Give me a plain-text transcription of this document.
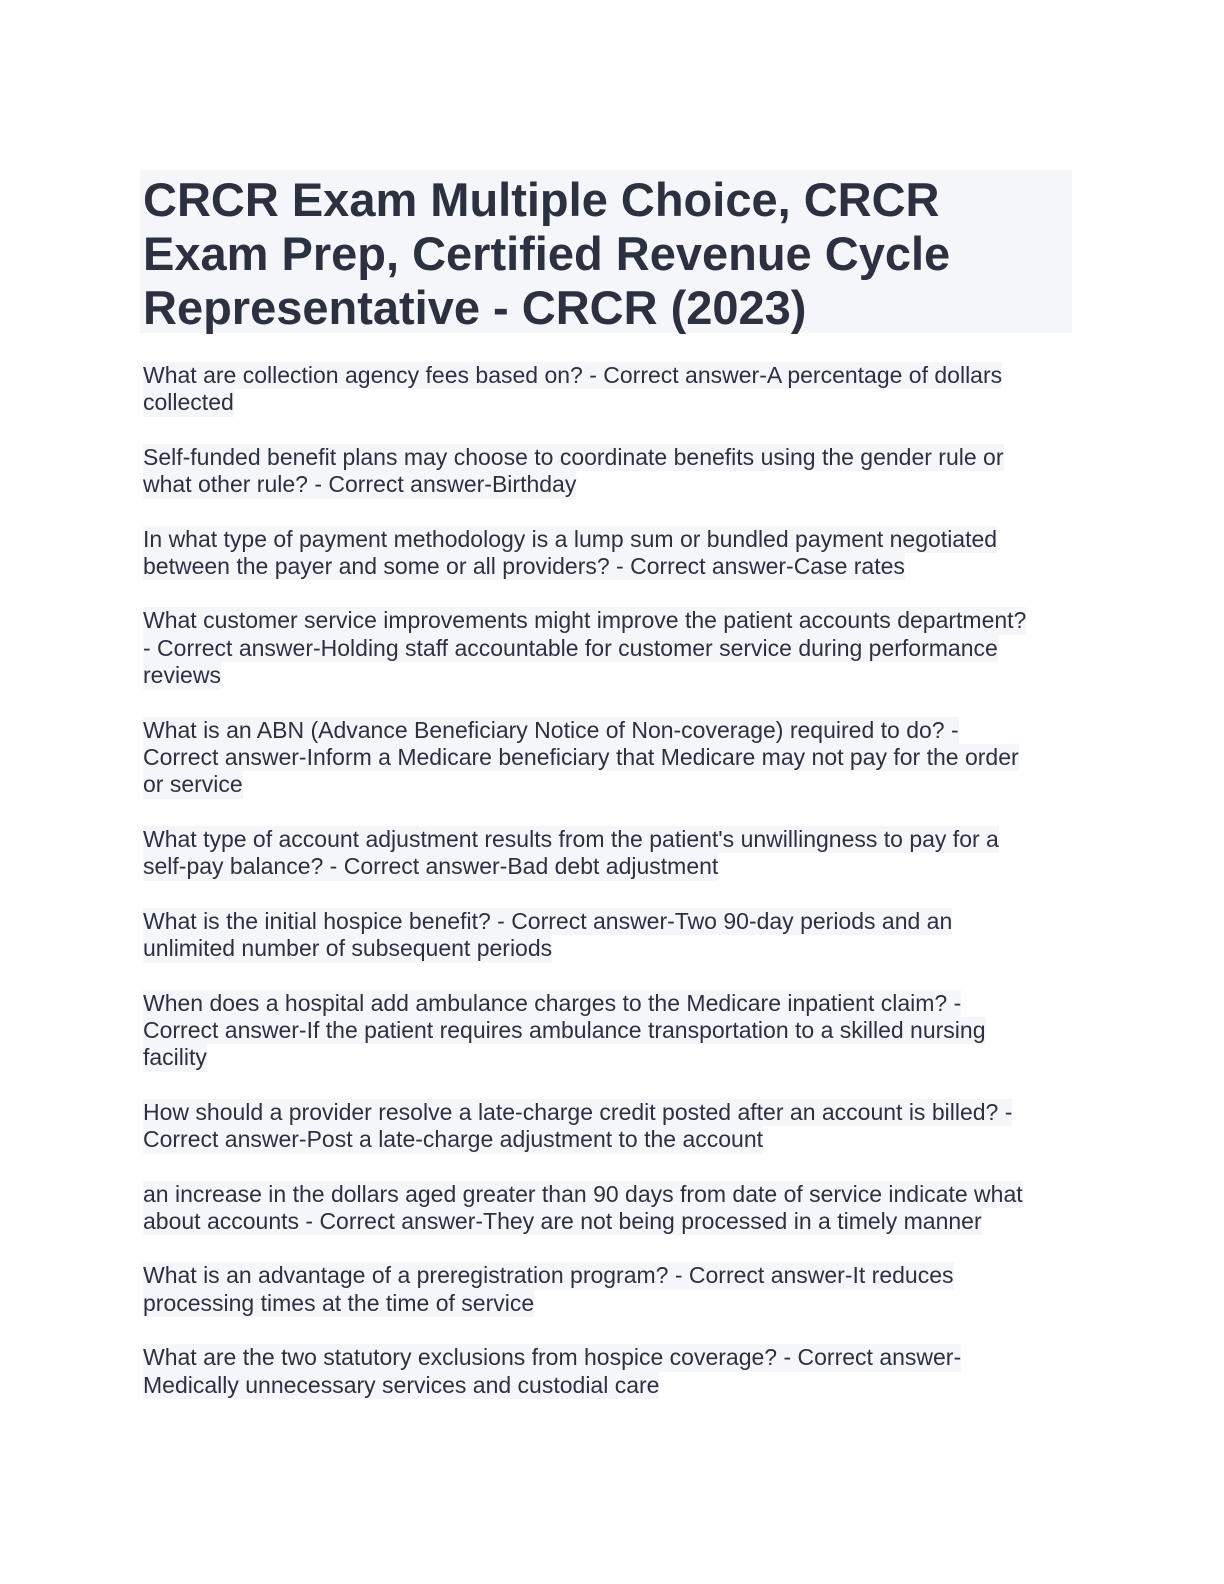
CRCR Exam Multiple Choice, CRCR
Exam Prep, Certified Revenue Cycle
Representative - CRCR (2023)
What are collection agency fees based on? - Correct answer-A percentage of dollars
collected
Self-funded benefit plans may choose to coordinate benefits using the gender rule or
what other rule? - Correct answer-Birthday
In what type of payment methodology is a lump sum or bundled payment negotiated
between the payer and some or all providers? - Correct answer-Case rates
What customer service improvements might improve the patient accounts department?
- Correct answer-Holding staff accountable for customer service during performance
reviews
What is an ABN (Advance Beneficiary Notice of Non-coverage) required to do? -
Correct answer-Inform a Medicare beneficiary that Medicare may not pay for the order
or service
What type of account adjustment results from the patient's unwillingness to pay for a
self-pay balance? - Correct answer-Bad debt adjustment
What is the initial hospice benefit? - Correct answer-Two 90-day periods and an
unlimited number of subsequent periods
When does a hospital add ambulance charges to the Medicare inpatient claim? -
Correct answer-If the patient requires ambulance transportation to a skilled nursing
facility
How should a provider resolve a late-charge credit posted after an account is billed? -
Correct answer-Post a late-charge adjustment to the account
an increase in the dollars aged greater than 90 days from date of service indicate what
about accounts - Correct answer-They are not being processed in a timely manner
What is an advantage of a preregistration program? - Correct answer-It reduces
processing times at the time of service
What are the two statutory exclusions from hospice coverage? - Correct answer-
Medically unnecessary services and custodial care
